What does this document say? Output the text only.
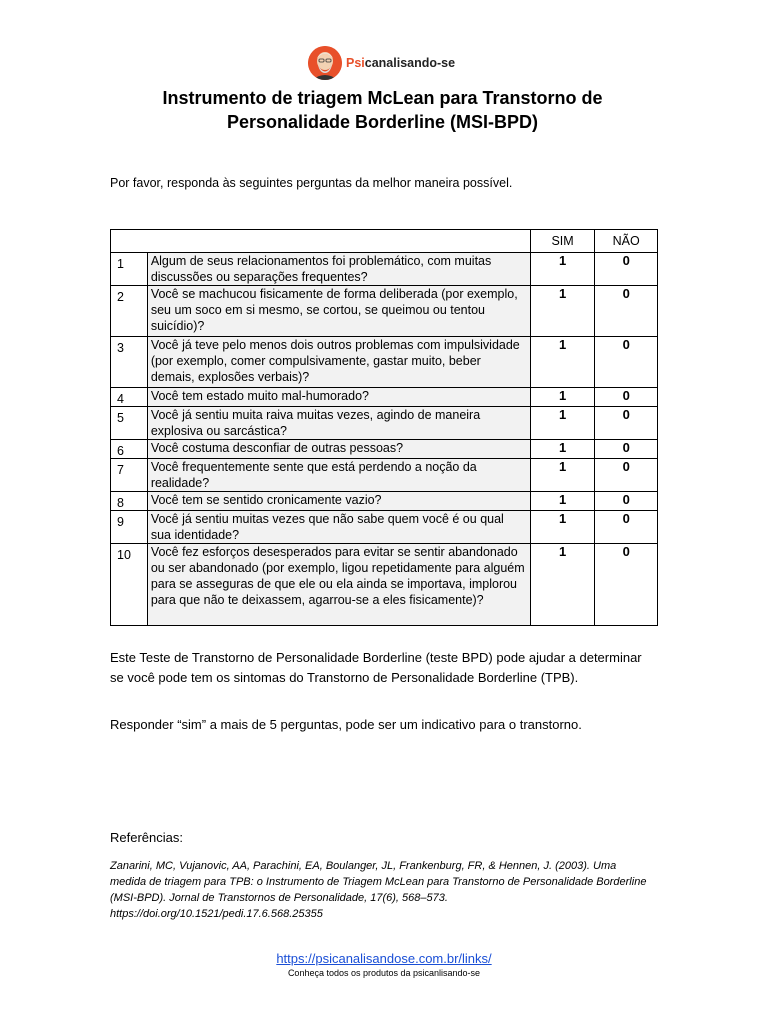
Psicanalisando-se
Instrumento de triagem McLean para Transtorno de Personalidade Borderline (MSI-BPD)
Por favor, responda às seguintes perguntas da melhor maneira possível.
		SIM	NÃO
1	Algum de seus relacionamentos foi problemático, com muitas discussões ou separações frequentes?	1	0
2	Você se machucou fisicamente de forma deliberada (por exemplo, seu um soco em si mesmo, se cortou, se queimou ou tentou suicídio)?	1	0
3	Você já teve pelo menos dois outros problemas com impulsividade (por exemplo, comer compulsivamente, gastar muito, beber demais, explosões verbais)?	1	0
4	Você tem estado muito mal-humorado?	1	0
5	Você já sentiu muita raiva muitas vezes, agindo de maneira explosiva ou sarcástica?	1	0
6	Você costuma desconfiar de outras pessoas?	1	0
7	Você frequentemente sente que está perdendo a noção da realidade?	1	0
8	Você tem se sentido cronicamente vazio?	1	0
9	Você já sentiu muitas vezes que não sabe quem você é ou qual sua identidade?	1	0
10	Você fez esforços desesperados para evitar se sentir abandonado ou ser abandonado (por exemplo, ligou repetidamente para alguém para se asseguras de que ele ou ela ainda se importava, implorou para que não te deixassem, agarrou-se a eles fisicamente)?	1	0
Este Teste de Transtorno de Personalidade Borderline (teste BPD) pode ajudar a determinar se você pode tem os sintomas do Transtorno de Personalidade Borderline (TPB).
Responder “sim” a mais de 5 perguntas, pode ser um indicativo para o transtorno.
Referências:
Zanarini, MC, Vujanovic, AA, Parachini, EA, Boulanger, JL, Frankenburg, FR, & Hennen, J. (2003). Uma medida de triagem para TPB: o Instrumento de Triagem McLean para Transtorno de Personalidade Borderline (MSI-BPD). Jornal de Transtornos de Personalidade, 17(6), 568–573. https://doi.org/10.1521/pedi.17.6.568.25355
https://psicanalisandose.com.br/links/
Conheça todos os produtos da psicanlisando-se
